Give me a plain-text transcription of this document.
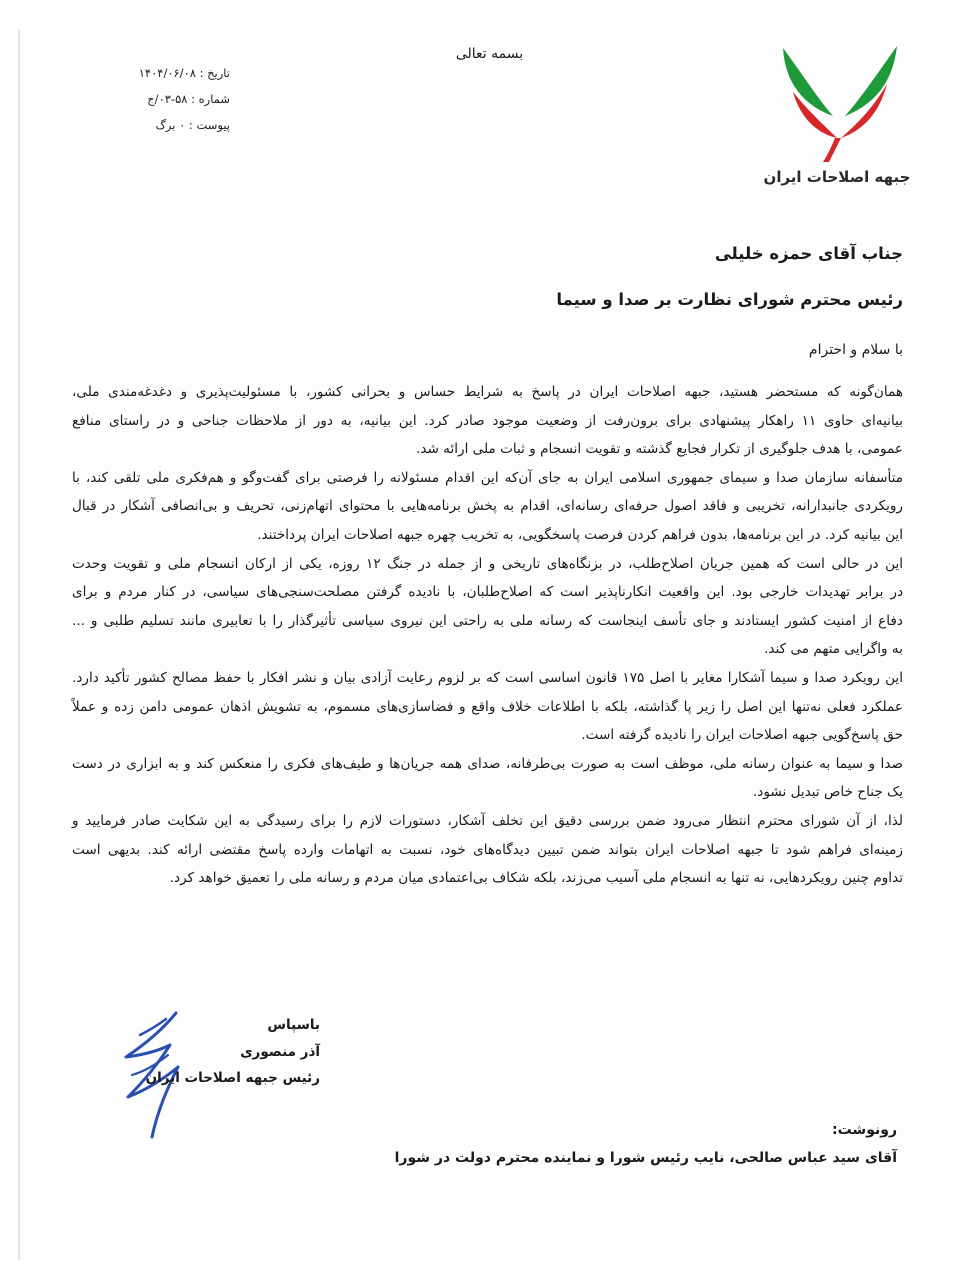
بسمه تعالی
تاریخ : ۱۴۰۴/۰۶/۰۸
شماره : ۵۸-۰۳/ج
پیوست : ۰ برگ
جبهه اصلاحات ایران
جناب آقای حمزه خلیلی
رئیس محترم شورای نظارت بر صدا و سیما
با سلام و احترام
همان‌گونه که مستحضر هستید، جبهه اصلاحات ایران در پاسخ به شرایط حساس و بحرانی کشور، با مسئولیت‌پذیری و دغدغه‌مندی ملی،
بیانیه‌ای حاوی ۱۱ راهکار پیشنهادی برای برون‌رفت از وضعیت موجود صادر کرد. این بیانیه، به دور از ملاحظات جناحی و در راستای منافع
عمومی، با هدف جلوگیری از تکرار فجایع گذشته و تقویت انسجام و ثبات ملی ارائه شد.
متأسفانه سازمان صدا و سیمای جمهوری اسلامی ایران به جای آن‌که این اقدام مسئولانه را فرصتی برای گفت‌وگو و هم‌فکری ملی تلقی کند، با
رویکردی جانبدارانه، تخریبی و فاقد اصول حرفه‌ای رسانه‌ای، اقدام به پخش برنامه‌هایی با محتوای اتهام‌زنی، تحریف و بی‌انصافی آشکار در قبال
این بیانیه کرد. در این برنامه‌ها، بدون فراهم کردن فرصت پاسخگویی، به تخریب چهره جبهه اصلاحات ایران پرداختند.
این در حالی است که همین جریان اصلاح‌طلب، در بزنگاه‌های تاریخی و از جمله در جنگ ۱۲ روزه، یکی از ارکان انسجام ملی و تقویت وحدت
در برابر تهدیدات خارجی بود. این واقعیت انکارناپذیر است که اصلاح‌طلبان، با نادیده گرفتن مصلحت‌سنجی‌های سیاسی، در کنار مردم و برای
دفاع از امنیت کشور ایستادند و جای تأسف اینجاست که رسانه ملی به راحتی این نیروی سیاسی تأثیرگذار را با تعابیری مانند تسلیم طلبی و ...
به واگرایی متهم می کند.
این رویکرد صدا و سیما آشکارا مغایر با اصل ۱۷۵ قانون اساسی است که بر لزوم رعایت آزادی بیان و نشر افکار با حفظ مصالح کشور تأکید دارد.
عملکرد فعلی نه‌تنها این اصل را زیر پا گذاشته، بلکه با اطلاعات خلاف واقع و فضاسازی‌های مسموم، به تشویش اذهان عمومی دامن زده و عملاً
حق پاسخ‌گویی جبهه اصلاحات ایران را نادیده گرفته است.
صدا و سیما به عنوان رسانه ملی، موظف است به صورت بی‌طرفانه، صدای همه جریان‌ها و طیف‌های فکری را منعکس کند و به ابزاری در دست
یک جناح خاص تبدیل نشود.
لذا، از آن شورای محترم انتظار می‌رود ضمن بررسی دقیق این تخلف آشکار، دستورات لازم را برای رسیدگی به این شکایت صادر فرمایید و
زمینه‌ای فراهم شود تا جبهه اصلاحات ایران بتواند ضمن تبیین دیدگاه‌های خود، نسبت به اتهامات وارده پاسخ مقتضی ارائه کند. بدیهی است
تداوم چنین رویکردهایی، نه تنها به انسجام ملی آسیب می‌زند، بلکه شکاف بی‌اعتمادی میان مردم و رسانه ملی را تعمیق خواهد کرد.
باسپاس
آذر منصوری
رئیس جبهه اصلاحات ایران
رونوشت:
آقای سید عباس صالحی، نایب رئیس شورا و نماینده محترم دولت در شورا
